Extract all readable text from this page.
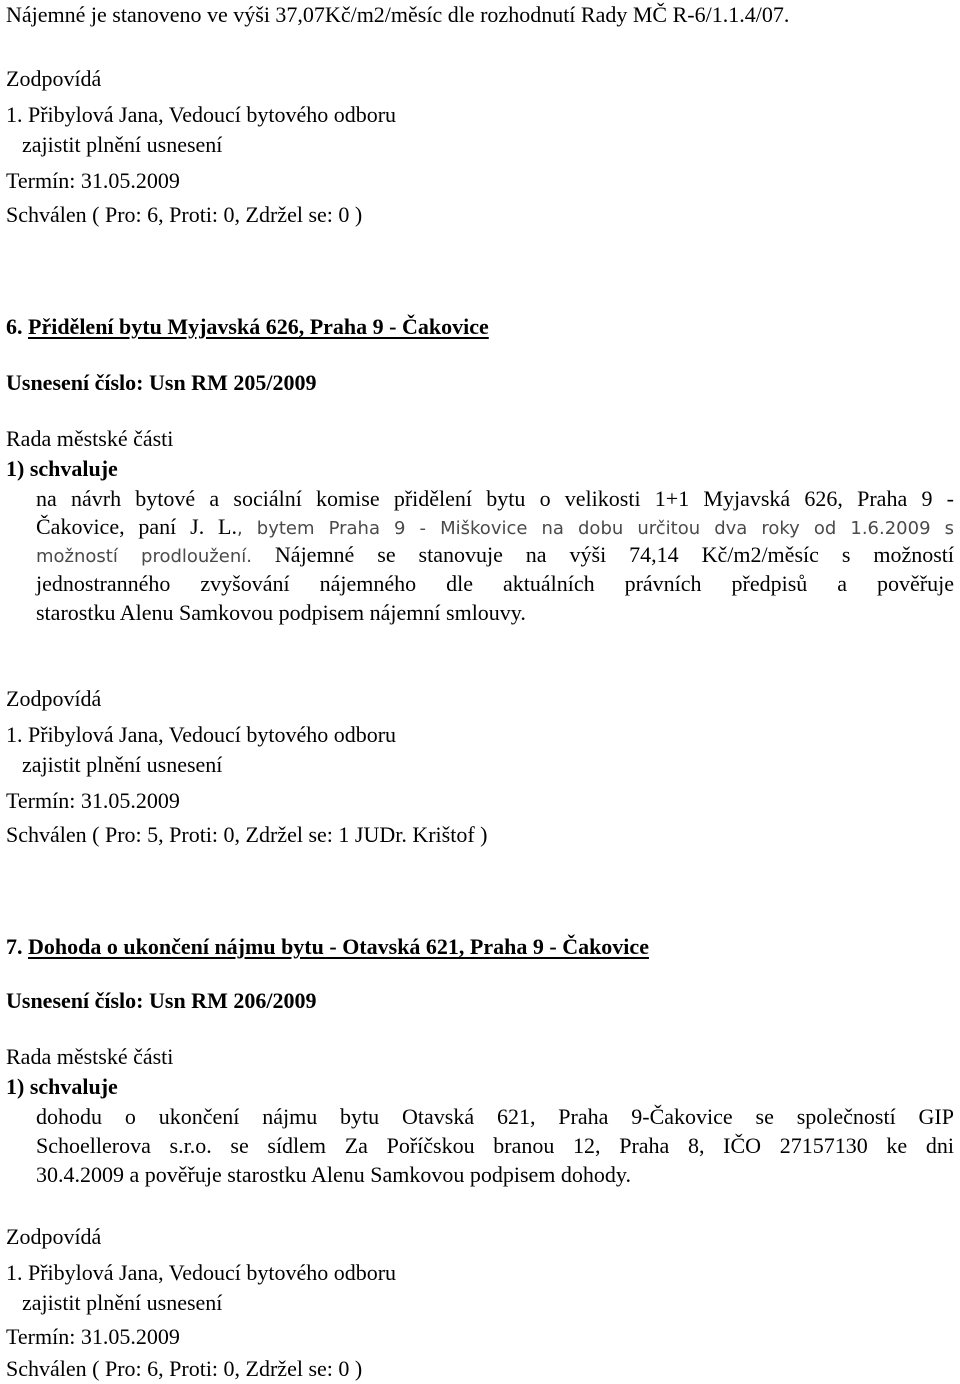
Nájemné je stanoveno ve výši 37,07Kč/m2/měsíc dle rozhodnutí Rady MČ R-6/1.1.4/07.

Zodpovídá

1. Přibylová Jana, Vedoucí bytového odboru

zajistit plnění usnesení

Termín: 31.05.2009

Schválen ( Pro: 6, Proti: 0, Zdržel se: 0 )

6. Přidělení bytu Myjavská 626, Praha 9 - Čakovice

Usnesení číslo: Usn RM 205/2009

Rada městské části

1) schvaluje

na návrh bytové a sociální komise přidělení bytu o velikosti 1+1 Myjavská 626, Praha 9 -

Čakovice, paní J. L., bytem Praha 9 - Miškovice na dobu určitou dva roky od 1.6.2009 s

možností prodloužení. Nájemné se stanovuje na výši 74,14 Kč/m2/měsíc s možností

jednostranného zvyšování nájemného dle aktuálních právních předpisů a pověřuje

starostku Alenu Samkovou podpisem nájemní smlouvy.

Zodpovídá

1. Přibylová Jana, Vedoucí bytového odboru

zajistit plnění usnesení

Termín: 31.05.2009

Schválen ( Pro: 5, Proti: 0, Zdržel se: 1 JUDr. Krištof )

7. Dohoda o ukončení nájmu bytu - Otavská 621, Praha 9 - Čakovice

Usnesení číslo: Usn RM 206/2009

Rada městské části

1) schvaluje

dohodu o ukončení nájmu bytu Otavská 621, Praha 9-Čakovice se společností GIP

Schoellerova s.r.o. se sídlem Za Poříčskou branou 12, Praha 8, IČO 27157130 ke dni

30.4.2009 a pověřuje starostku Alenu Samkovou podpisem dohody.

Zodpovídá

1. Přibylová Jana, Vedoucí bytového odboru

zajistit plnění usnesení

Termín: 31.05.2009

Schválen ( Pro: 6, Proti: 0, Zdržel se: 0 )
